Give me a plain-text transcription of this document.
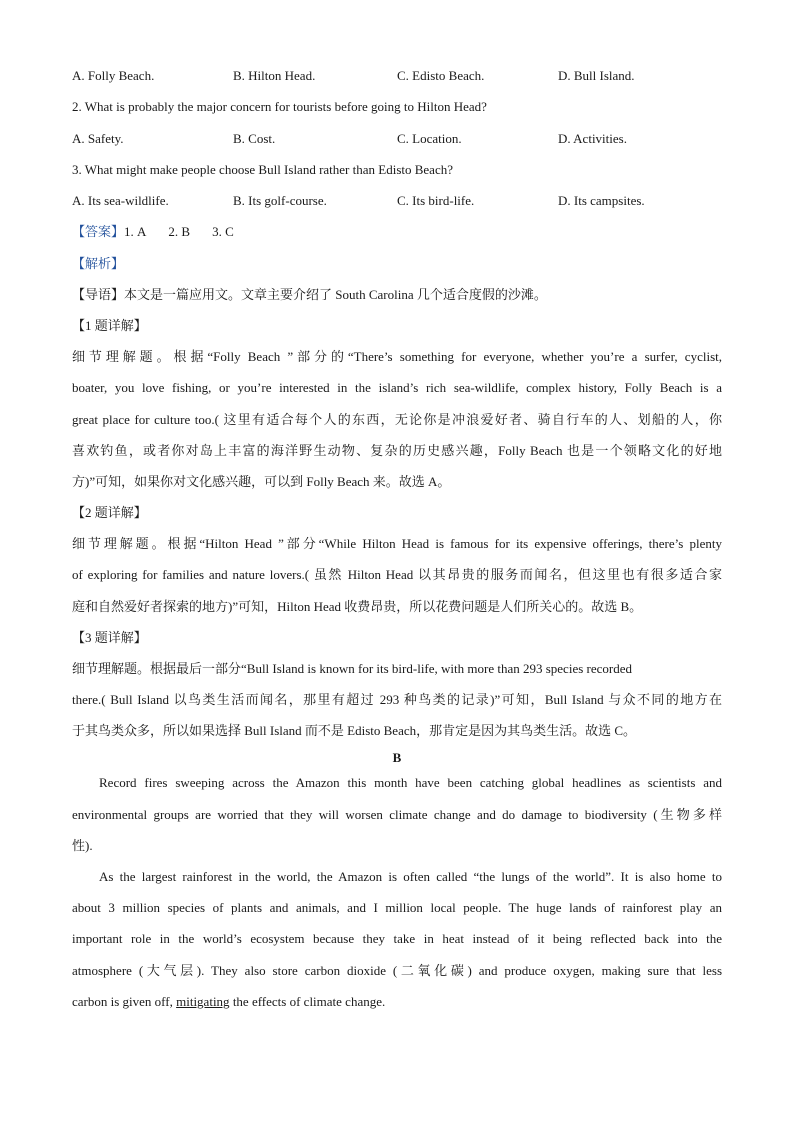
A. Folly Beach.	B. Hilton Head.	C. Edisto Beach.	D. Bull Island.
2. What is probably the major concern for tourists before going to Hilton Head?
A. Safety.	B. Cost.	C. Location.	D. Activities.
3. What might make people choose Bull Island rather than Edisto Beach?
A. Its sea-wildlife.	B. Its golf-course.	C. Its bird-life.	D. Its campsites.
【答案】1. A 2. B 3. C
【解析】
【导语】本文是一篇应用文。文章主要介绍了 South Carolina 几个适合度假的沙滩。
【1 题详解】
细节理解题。根据“Folly Beach ”部分的“There’s something for everyone, whether you’re a surfer, cyclist,
boater, you love fishing, or you’re interested in the island’s rich sea-wildlife, complex history, Folly Beach is a
great place for culture too.( 这里有适合每个人的东西，无论你是冲浪爱好者、骑自行车的人、划船的人，你
喜欢钓鱼，或者你对岛上丰富的海洋野生动物、复杂的历史感兴趣，Folly Beach 也是一个领略文化的好地
方)”可知，如果你对文化感兴趣，可以到 Folly Beach 来。故选 A。
【2 题详解】
细节理解题。根据“Hilton Head ”部分“While Hilton Head is famous for its expensive offerings, there’s plenty
of exploring for families and nature lovers.( 虽然 Hilton Head 以其昂贵的服务而闻名，但这里也有很多适合家
庭和自然爱好者探索的地方)”可知，Hilton Head 收费昂贵，所以花费问题是人们所关心的。故选 B。
【3 题详解】
细节理解题。根据最后一部分“Bull Island is known for its bird-life, with more than 293 species recorded
there.( Bull Island 以鸟类生活而闻名，那里有超过 293 种鸟类的记录)”可知，Bull Island 与众不同的地方在
于其鸟类众多，所以如果选择 Bull Island 而不是 Edisto Beach，那肯定是因为其鸟类生活。故选 C。
B
Record fires sweeping across the Amazon this month have been catching global headlines as scientists and
environmental groups are worried that they will worsen climate change and do damage to biodiversity (生物多样
性).
As the largest rainforest in the world, the Amazon is often called “the lungs of the world”. It is also home to
about 3 million species of plants and animals, and I million local people. The huge lands of rainforest play an
important role in the world’s ecosystem because they take in heat instead of it being reflected back into the
atmosphere (大气层). They also store carbon dioxide (二氧化碳) and produce oxygen, making sure that less
carbon is given off, mitigating the effects of climate change.
